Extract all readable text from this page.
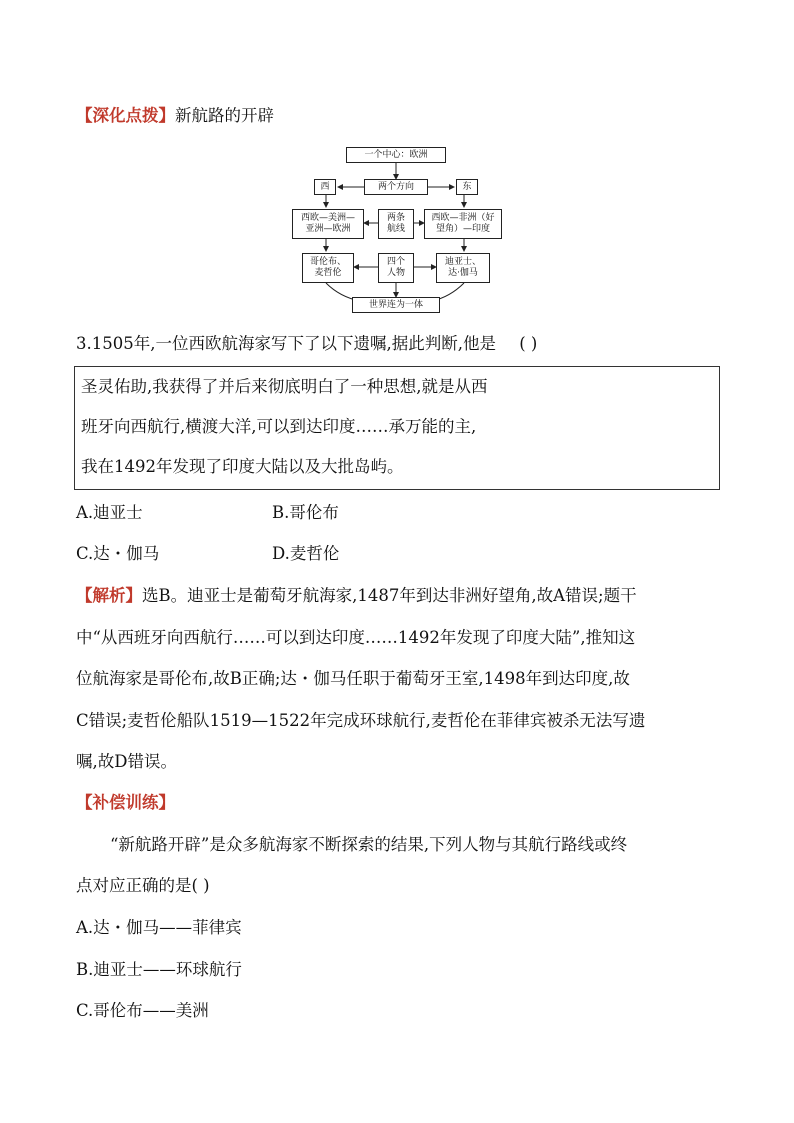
【深化点拨】新航路的开辟
一个中心：欧洲
西	两个方向	东
西欧—美洲—
亚洲—欧洲
两条
航线
西欧—非洲（好
望角）—印度
哥伦布、
麦哲伦
四个
人物
迪亚士、
达·伽马
世界连为一体
3.1505年,一位西欧航海家写下了以下遗嘱,据此判断,他是 ( )
圣灵佑助,我获得了并后来彻底明白了一种思想,就是从西
班牙向西航行,横渡大洋,可以到达印度……承万能的主,
我在1492年发现了印度大陆以及大批岛屿。
A.迪亚士	B.哥伦布
C.达・伽马	D.麦哲伦
【解析】选B。迪亚士是葡萄牙航海家,1487年到达非洲好望角,故A错误;题干
中“从西班牙向西航行……可以到达印度……1492年发现了印度大陆”,推知这
位航海家是哥伦布,故B正确;达・伽马任职于葡萄牙王室,1498年到达印度,故
C错误;麦哲伦船队1519—1522年完成环球航行,麦哲伦在菲律宾被杀无法写遗
嘱,故D错误。
【补偿训练】
“新航路开辟”是众多航海家不断探索的结果,下列人物与其航行路线或终
点对应正确的是( )
A.达・伽马——菲律宾
B.迪亚士——环球航行
C.哥伦布——美洲
